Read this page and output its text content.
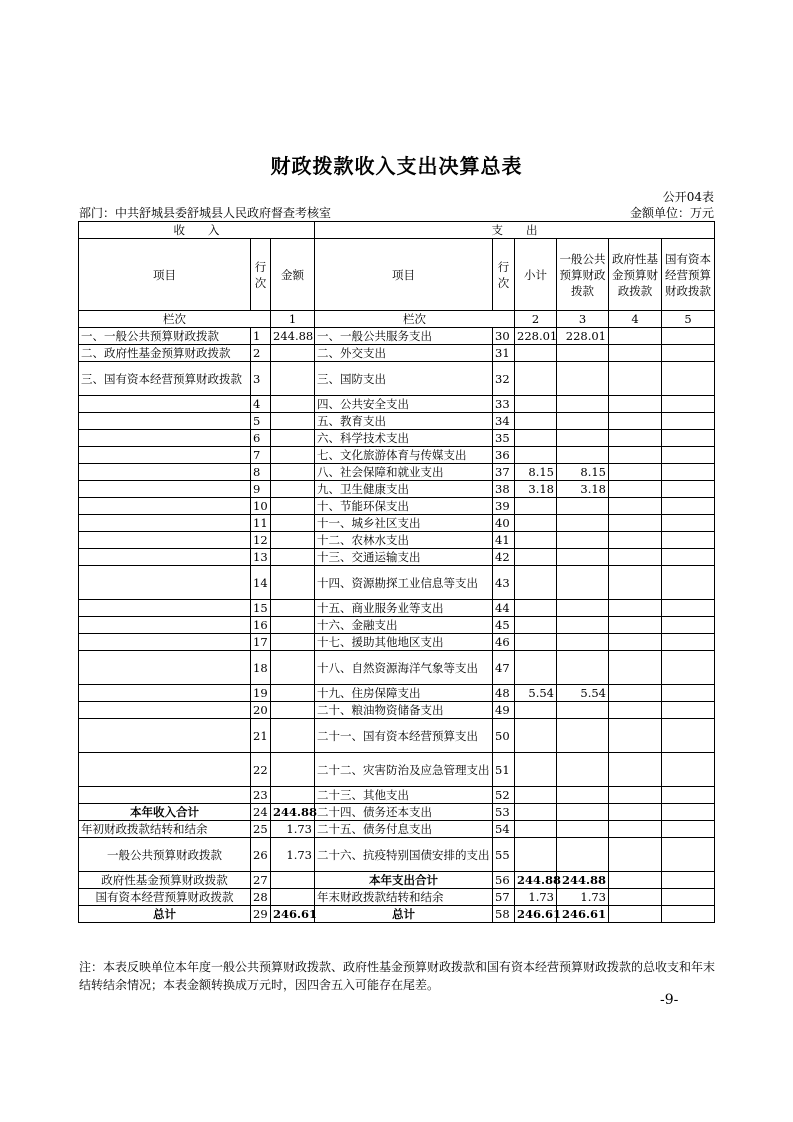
财政拨款收入支出决算总表
公开04表
部门：中共舒城县委舒城县人民政府督查考核室	金额单位：万元
收　　入			支　　出					
项目	行次	金额	项目	行次	小计	一般公共预算财政拨款	政府性基金预算财政拨款	国有资本经营预算财政拨款
栏次		1	栏次		2	3	4	5
一、一般公共预算财政拨款	1	244.88	一、一般公共服务支出	30	228.01	228.01		
二、政府性基金预算财政拨款	2		二、外交支出	31				
三、国有资本经营预算财政拨款	3		三、国防支出	32				
	4		四、公共安全支出	33				
	5		五、教育支出	34				
	6		六、科学技术支出	35				
	7		七、文化旅游体育与传媒支出	36				
	8		八、社会保障和就业支出	37	8.15	8.15		
	9		九、卫生健康支出	38	3.18	3.18		
	10		十、节能环保支出	39				
	11		十一、城乡社区支出	40				
	12		十二、农林水支出	41				
	13		十三、交通运输支出	42				
	14		十四、资源勘探工业信息等支出	43				
	15		十五、商业服务业等支出	44				
	16		十六、金融支出	45				
	17		十七、援助其他地区支出	46				
	18		十八、自然资源海洋气象等支出	47				
	19		十九、住房保障支出	48	5.54	5.54		
	20		二十、粮油物资储备支出	49				
	21		二十一、国有资本经营预算支出	50				
	22		二十二、灾害防治及应急管理支出	51				
	23		二十三、其他支出	52				
本年收入合计	24	244.88	二十四、债务还本支出	53				
年初财政拨款结转和结余	25	1.73	二十五、债务付息支出	54				
一般公共预算财政拨款	26	1.73	二十六、抗疫特别国债安排的支出	55				
政府性基金预算财政拨款	27		本年支出合计	56	244.88	244.88		
国有资本经营预算财政拨款	28		年末财政拨款结转和结余	57	1.73	1.73		
总计	29	246.61	总计	58	246.61	246.61		
注：本表反映单位本年度一般公共预算财政拨款、政府性基金预算财政拨款和国有资本经营预算财政拨款的总收支和年末结转结余情况；本表金额转换成万元时，因四舍五入可能存在尾差。
-9-
